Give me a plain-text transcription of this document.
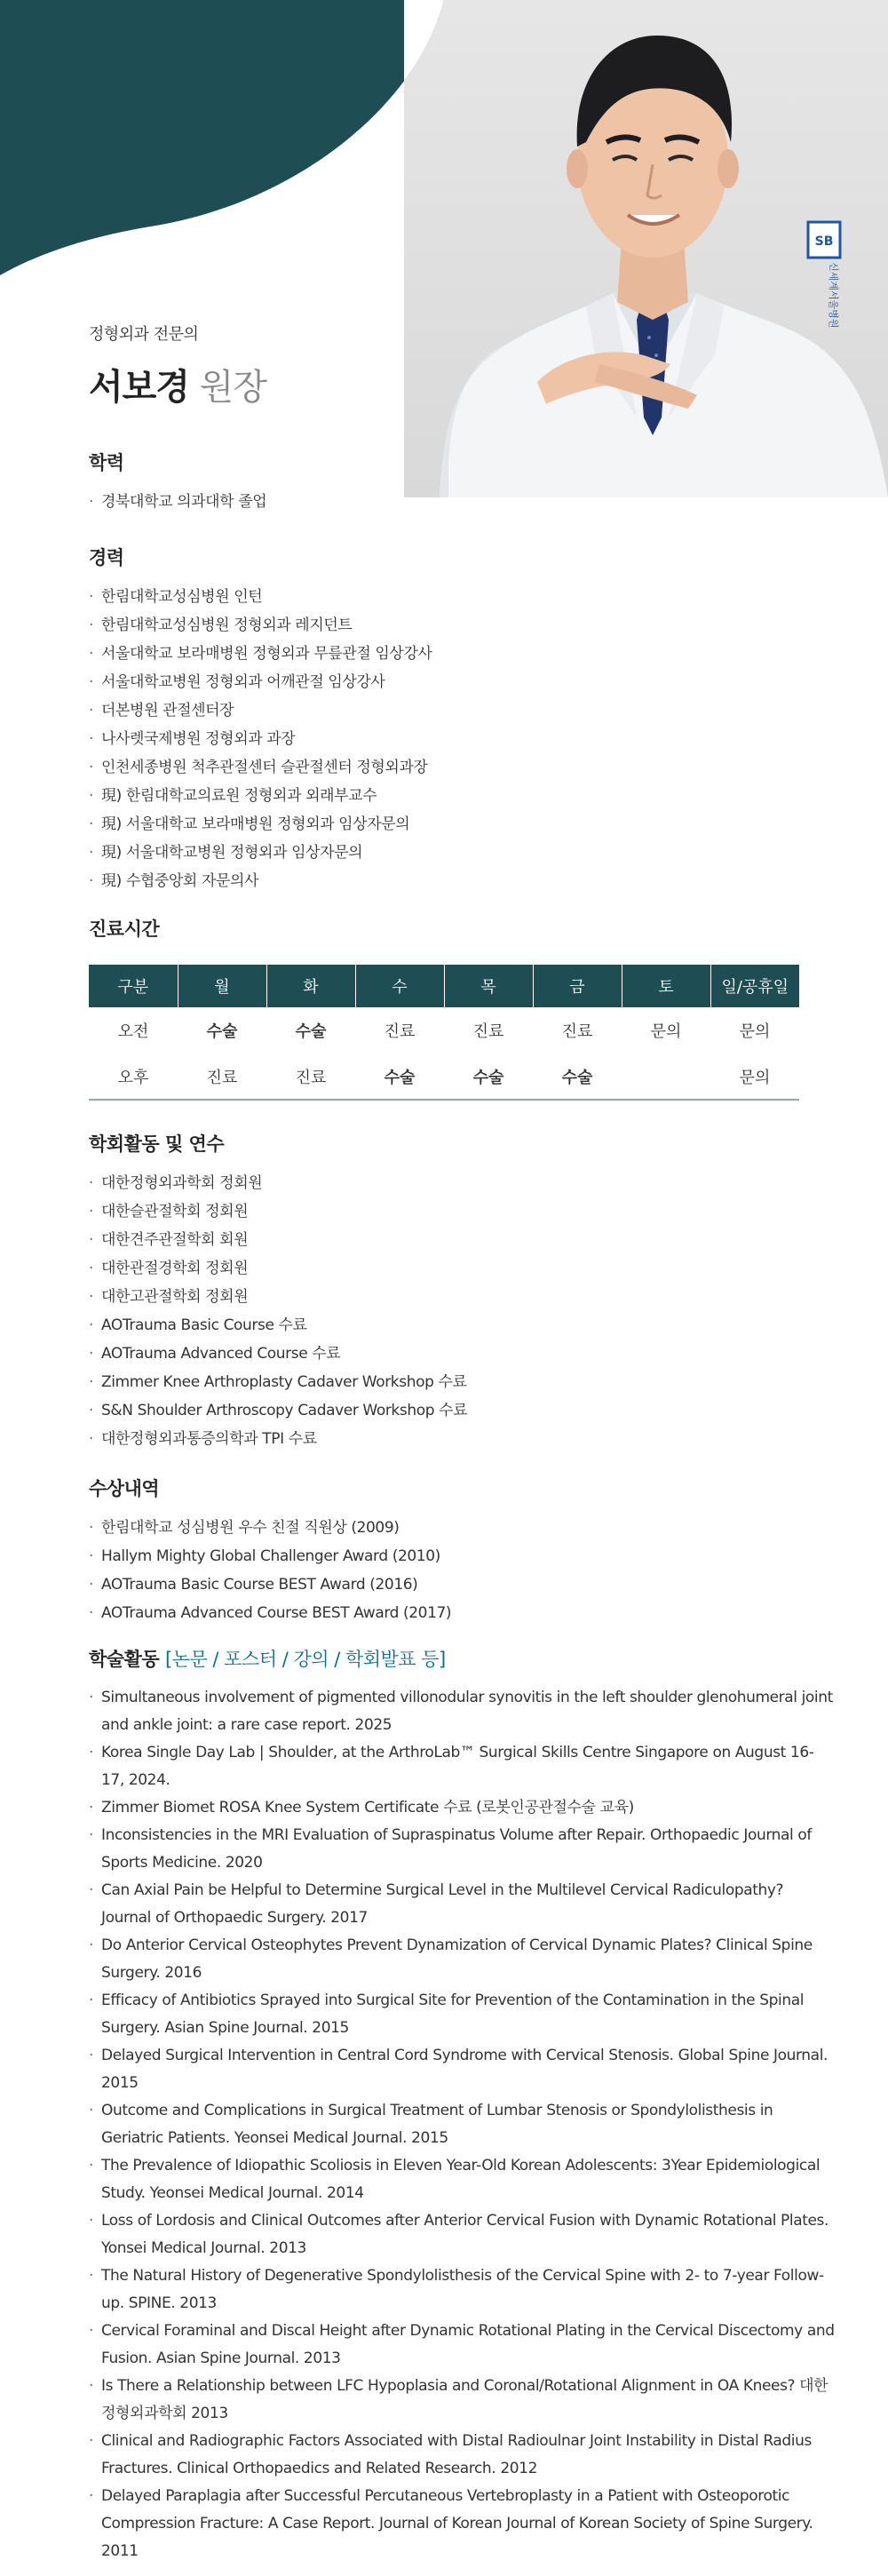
SB
신세계서울병원
정형외과 전문의
서보경 원장
학력
· 경북대학교 의과대학 졸업
경력
· 한림대학교성심병원 인턴
· 한림대학교성심병원 정형외과 레지던트
· 서울대학교 보라매병원 정형외과 무릎관절 임상강사
· 서울대학교병원 정형외과 어깨관절 임상강사
· 더본병원 관절센터장
· 나사렛국제병원 정형외과 과장
· 인천세종병원 척추관절센터 슬관절센터 정형외과장
· 現) 한림대학교의료원 정형외과 외래부교수
· 現) 서울대학교 보라매병원 정형외과 임상자문의
· 現) 서울대학교병원 정형외과 임상자문의
· 現) 수협중앙회 자문의사
진료시간
구분	월	화	수	목	금	토	일/공휴일
오전	수술	수술	진료	진료	진료	문의	문의
오후	진료	진료	수술	수술	수술		문의
학회활동 및 연수
· 대한정형외과학회 정회원
· 대한슬관절학회 정회원
· 대한견주관절학회 회원
· 대한관절경학회 정회원
· 대한고관절학회 정회원
· AOTrauma Basic Course 수료
· AOTrauma Advanced Course 수료
· Zimmer Knee Arthroplasty Cadaver Workshop 수료
· S&N Shoulder Arthroscopy Cadaver Workshop 수료
· 대한정형외과통증의학과 TPI 수료
수상내역
· 한림대학교 성심병원 우수 친절 직원상 (2009)
· Hallym Mighty Global Challenger Award (2010)
· AOTrauma Basic Course BEST Award (2016)
· AOTrauma Advanced Course BEST Award (2017)
학술활동 [논문 / 포스터 / 강의 / 학회발표 등]
· Simultaneous involvement of pigmented villonodular synovitis in the left shoulder glenohumeral joint and ankle joint: a rare case report. 2025
· Korea Single Day Lab | Shoulder, at the ArthroLab™ Surgical Skills Centre Singapore on August 16-17, 2024.
· Zimmer Biomet ROSA Knee System Certificate 수료 (로봇인공관절수술 교육)
· Inconsistencies in the MRI Evaluation of Supraspinatus Volume after Repair. Orthopaedic Journal of Sports Medicine. 2020
· Can Axial Pain be Helpful to Determine Surgical Level in the Multilevel Cervical Radiculopathy? Journal of Orthopaedic Surgery. 2017
· Do Anterior Cervical Osteophytes Prevent Dynamization of Cervical Dynamic Plates? Clinical Spine Surgery. 2016
· Efficacy of Antibiotics Sprayed into Surgical Site for Prevention of the Contamination in the Spinal Surgery. Asian Spine Journal. 2015
· Delayed Surgical Intervention in Central Cord Syndrome with Cervical Stenosis. Global Spine Journal. 2015
· Outcome and Complications in Surgical Treatment of Lumbar Stenosis or Spondylolisthesis in Geriatric Patients. Yeonsei Medical Journal. 2015
· The Prevalence of Idiopathic Scoliosis in Eleven Year-Old Korean Adolescents: 3Year Epidemiological Study. Yeonsei Medical Journal. 2014
· Loss of Lordosis and Clinical Outcomes after Anterior Cervical Fusion with Dynamic Rotational Plates. Yonsei Medical Journal. 2013
· The Natural History of Degenerative Spondylolisthesis of the Cervical Spine with 2- to 7-year Follow-up. SPINE. 2013
· Cervical Foraminal and Discal Height after Dynamic Rotational Plating in the Cervical Discectomy and Fusion. Asian Spine Journal. 2013
· Is There a Relationship between LFC Hypoplasia and Coronal/Rotational Alignment in OA Knees? 대한정형외과학회 2013
· Clinical and Radiographic Factors Associated with Distal Radioulnar Joint Instability in Distal Radius Fractures. Clinical Orthopaedics and Related Research. 2012
· Delayed Paraplagia after Successful Percutaneous Vertebroplasty in a Patient with Osteoporotic Compression Fracture: A Case Report. Journal of Korean Journal of Korean Society of Spine Surgery. 2011
